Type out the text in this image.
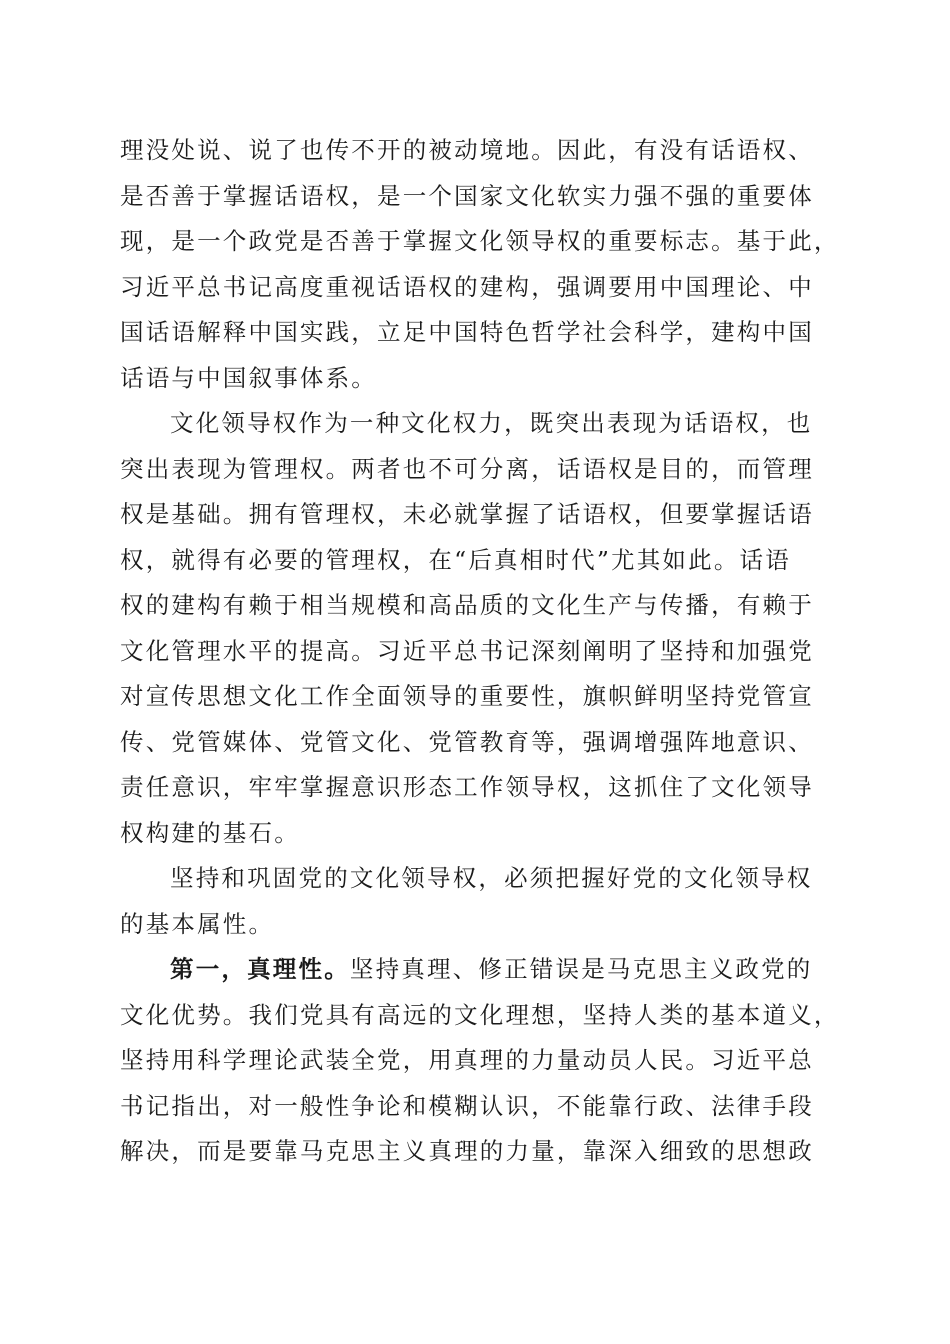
理没处说、说了也传不开的被动境地。因此，有没有话语权、
是否善于掌握话语权，是一个国家文化软实力强不强的重要体
现，是一个政党是否善于掌握文化领导权的重要标志。基于此，
习近平总书记高度重视话语权的建构，强调要用中国理论、中
国话语解释中国实践，立足中国特色哲学社会科学，建构中国
话语与中国叙事体系。
文化领导权作为一种文化权力，既突出表现为话语权，也
突出表现为管理权。两者也不可分离，话语权是目的，而管理
权是基础。拥有管理权，未必就掌握了话语权，但要掌握话语
权，就得有必要的管理权，在“后真相时代”尤其如此。话语
权的建构有赖于相当规模和高品质的文化生产与传播，有赖于
文化管理水平的提高。习近平总书记深刻阐明了坚持和加强党
对宣传思想文化工作全面领导的重要性，旗帜鲜明坚持党管宣
传、党管媒体、党管文化、党管教育等，强调增强阵地意识、
责任意识，牢牢掌握意识形态工作领导权，这抓住了文化领导
权构建的基石。
坚持和巩固党的文化领导权，必须把握好党的文化领导权
的基本属性。
第一，真理性。坚持真理、修正错误是马克思主义政党的
文化优势。我们党具有高远的文化理想，坚持人类的基本道义，
坚持用科学理论武装全党，用真理的力量动员人民。习近平总
书记指出，对一般性争论和模糊认识，不能靠行政、法律手段
解决，而是要靠马克思主义真理的力量，靠深入细致的思想政
